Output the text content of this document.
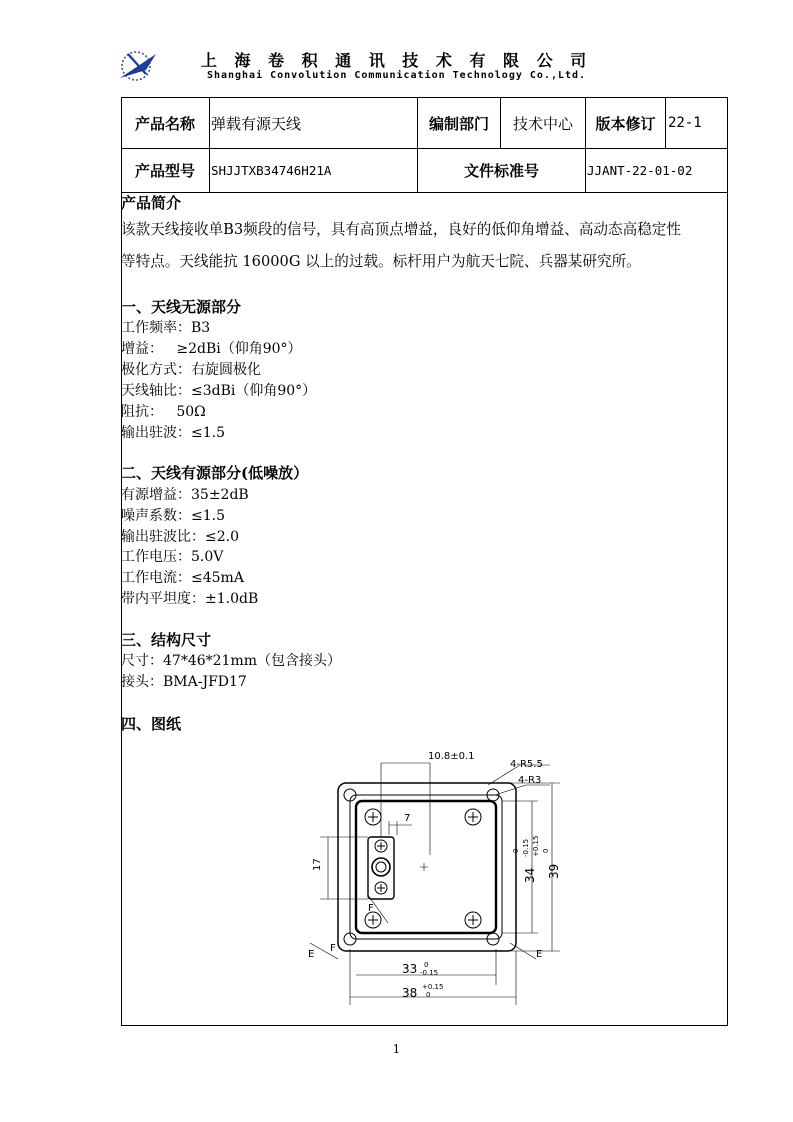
上 海 卷 积 通 讯 技 术 有 限 公 司
Shanghai Convolution Communication Technology Co.,Ltd.
产品名称	弹载有源天线	编制部门	技术中心	版本修订 22-1
产品型号	SHJJTXB34746H21A	文件标准号	JJANT-22-01-02
产品简介
该款天线接收单B3频段的信号，具有高顶点增益，良好的低仰角增益、高动态高稳定性
等特点。天线能抗 16000G 以上的过载。标杆用户为航天七院、兵器某研究所。
一、天线无源部分
工作频率：B3
增益：   ≥2dBi（仰角90°）
极化方式：右旋圆极化
天线轴比：≤3dBi（仰角90°）
阻抗：   50Ω
输出驻波：≤1.5
二、天线有源部分(低噪放）
有源增益：35±2dB
噪声系数：≤1.5
输出驻波比：≤2.0
工作电压：5.0V
工作电流：≤45mA
带内平坦度：±1.0dB
三、结构尺寸
尺寸：47*46*21mm（包含接头）
接头：BMA-JFD17
四、图纸
10.8±0.1
4-R5.5
4-R3
17
7
33 0
-0.15
38 +0.15
0
34 39
0 -0.15 +0.15 0
E	E
F
F
1
